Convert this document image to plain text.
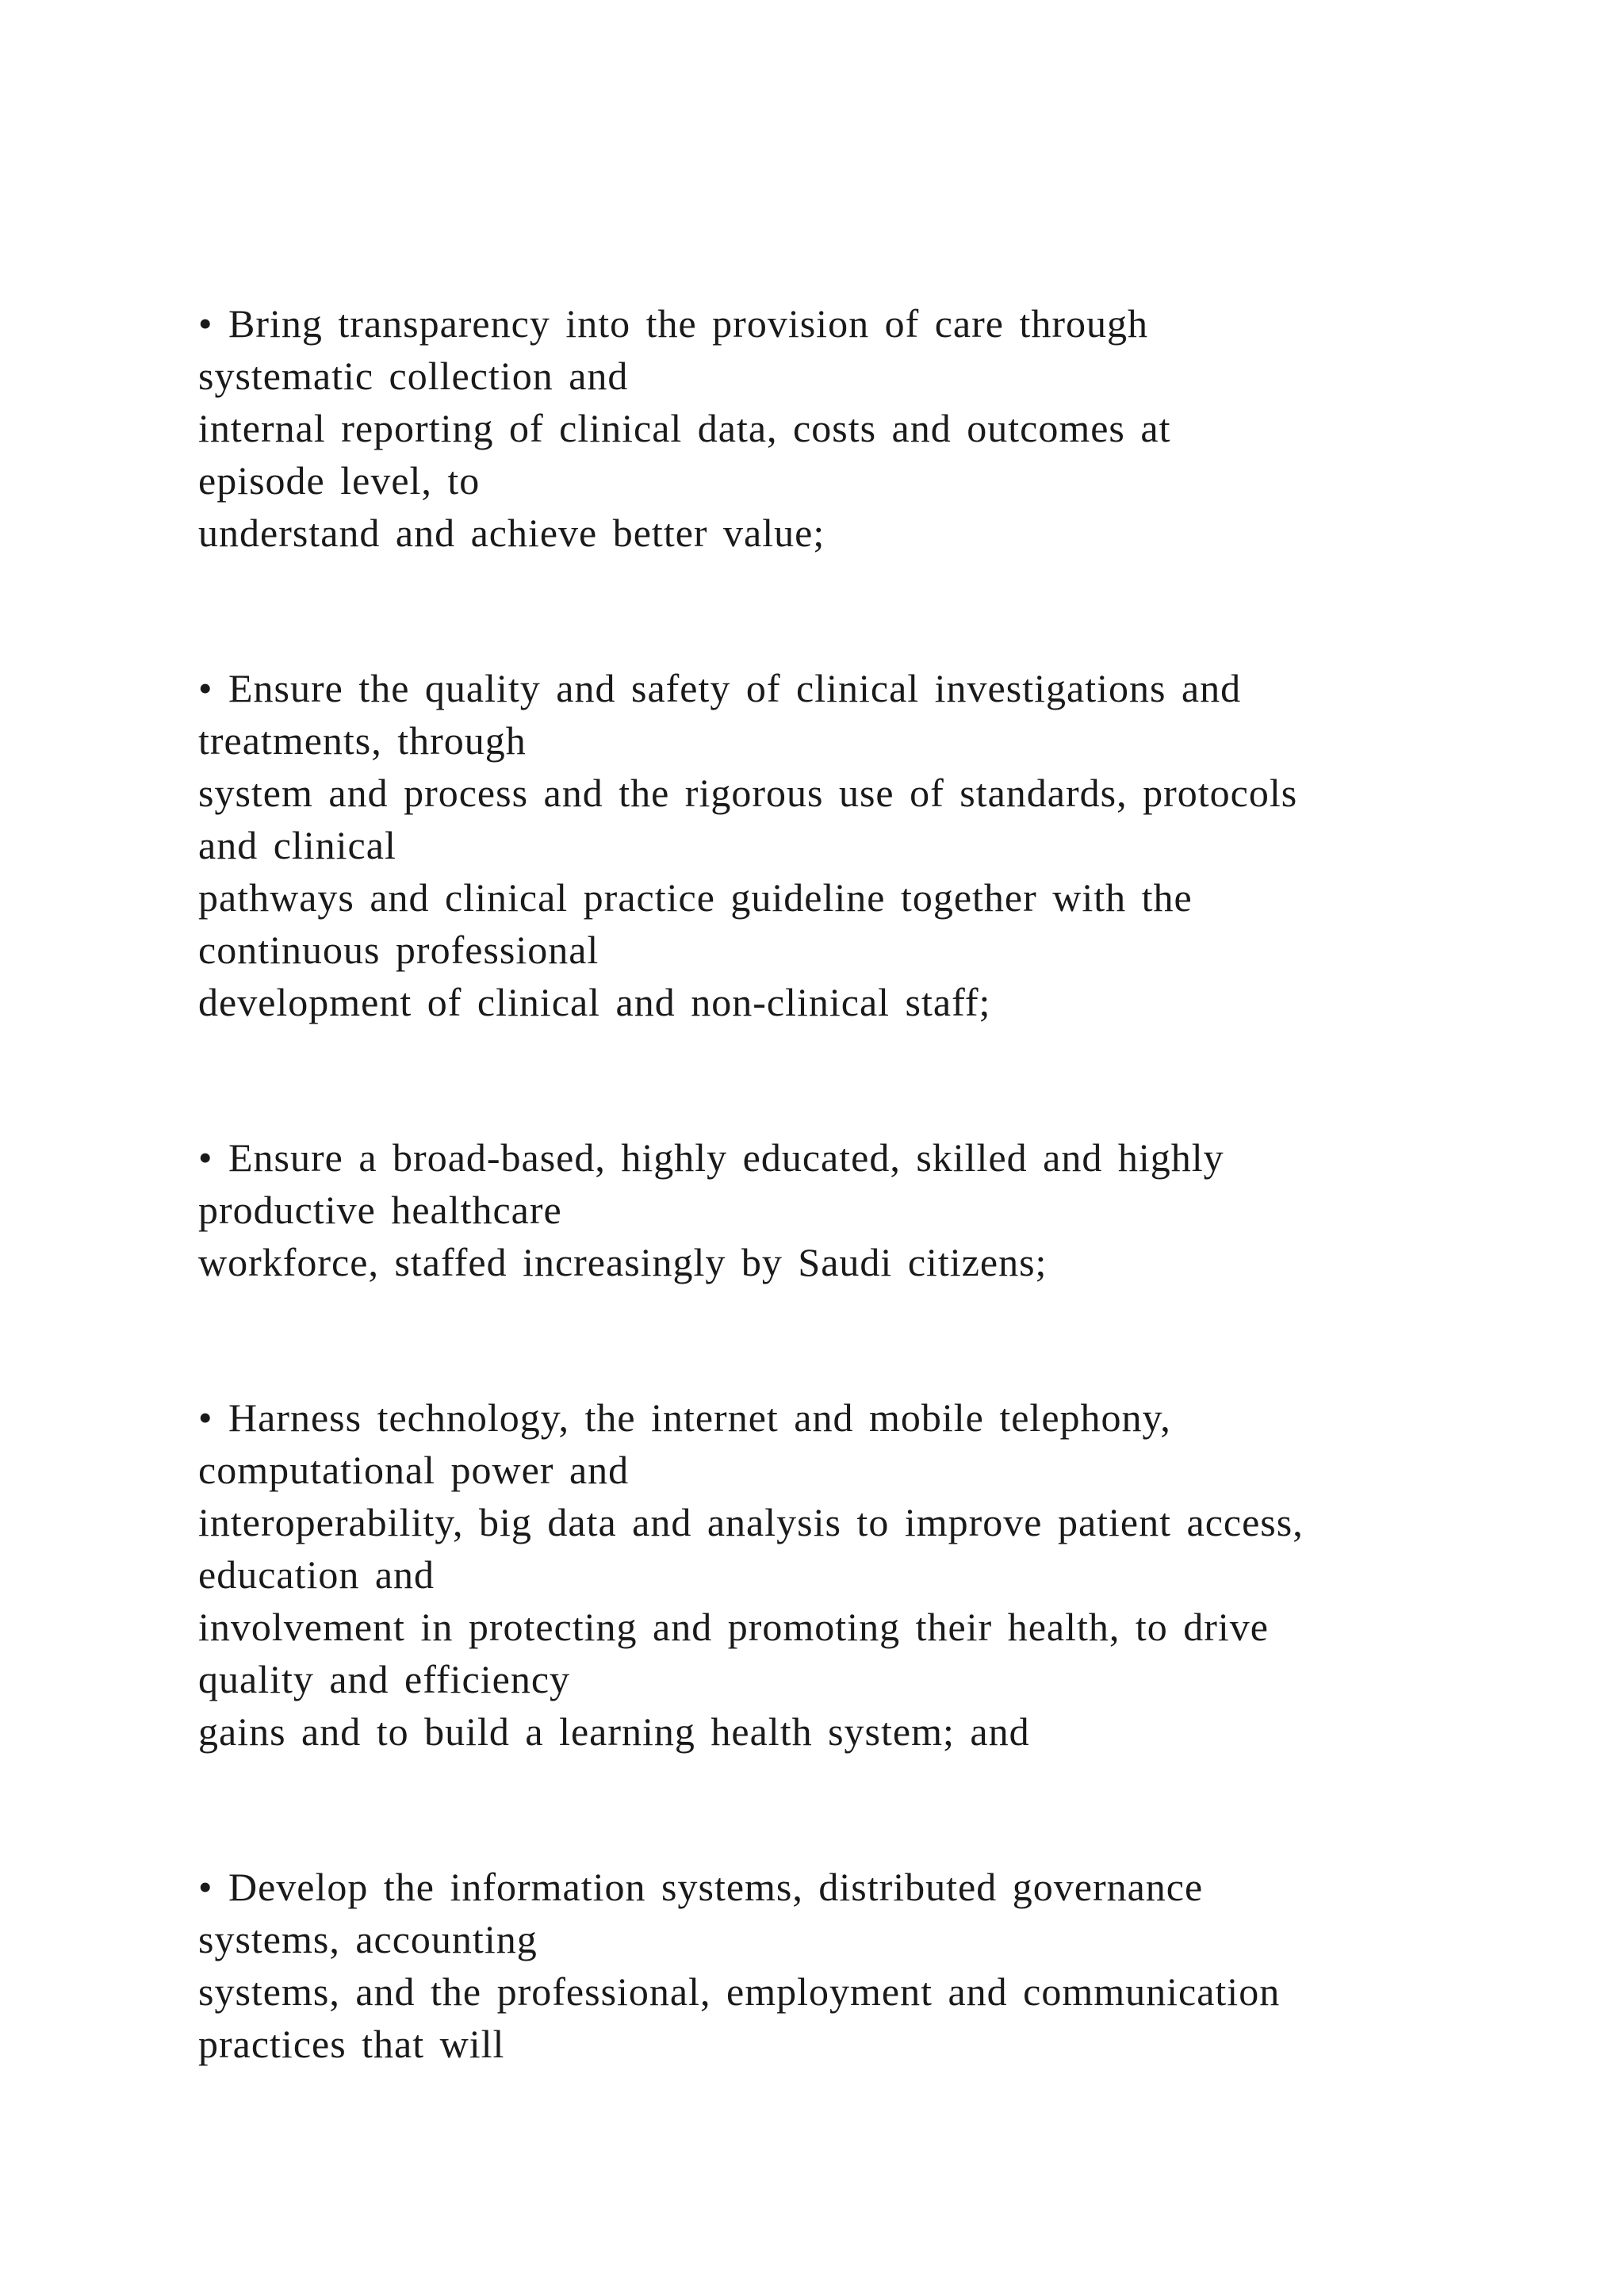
• Bring transparency into the provision of care through
systematic collection and
internal reporting of clinical data, costs and outcomes at
episode level, to
understand and achieve better value;
• Ensure the quality and safety of clinical investigations and
treatments, through
system and process and the rigorous use of standards, protocols
and clinical
pathways and clinical practice guideline together with the
continuous professional
development of clinical and non-clinical staff;
• Ensure a broad-based, highly educated, skilled and highly
productive healthcare
workforce, staffed increasingly by Saudi citizens;
• Harness technology, the internet and mobile telephony,
computational power and
interoperability, big data and analysis to improve patient access,
education and
involvement in protecting and promoting their health, to drive
quality and efficiency
gains and to build a learning health system; and
• Develop the information systems, distributed governance
systems, accounting
systems, and the professional, employment and communication
practices that will
